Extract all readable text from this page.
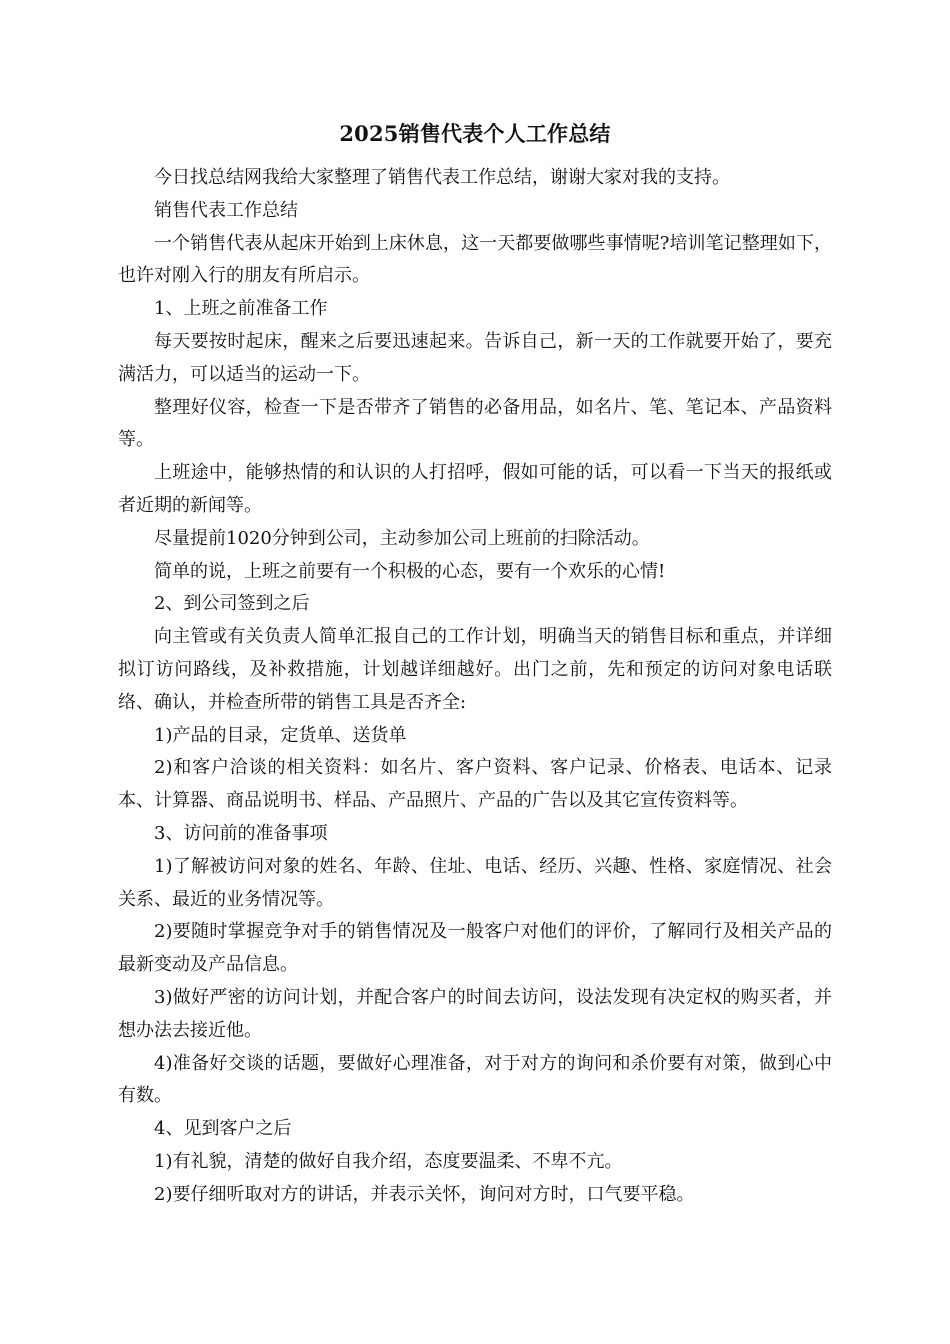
2025销售代表个人工作总结

今日找总结网我给大家整理了销售代表工作总结，谢谢大家对我的支持。

销售代表工作总结

一个销售代表从起床开始到上床休息，这一天都要做哪些事情呢?培训笔记整理如下，也许对刚入行的朋友有所启示。

1、上班之前准备工作

每天要按时起床，醒来之后要迅速起来。告诉自己，新一天的工作就要开始了，要充满活力，可以适当的运动一下。

整理好仪容，检查一下是否带齐了销售的必备用品，如名片、笔、笔记本、产品资料等。

上班途中，能够热情的和认识的人打招呼，假如可能的话，可以看一下当天的报纸或者近期的新闻等。

尽量提前1020分钟到公司，主动参加公司上班前的扫除活动。

简单的说，上班之前要有一个积极的心态，要有一个欢乐的心情!

2、到公司签到之后

向主管或有关负责人简单汇报自己的工作计划，明确当天的销售目标和重点，并详细拟订访问路线，及补救措施，计划越详细越好。出门之前，先和预定的访问对象电话联络、确认，并检查所带的销售工具是否齐全:

1)产品的目录，定货单、送货单

2)和客户洽谈的相关资料：如名片、客户资料、客户记录、价格表、电话本、记录本、计算器、商品说明书、样品、产品照片、产品的广告以及其它宣传资料等。

3、访问前的准备事项

1)了解被访问对象的姓名、年龄、住址、电话、经历、兴趣、性格、家庭情况、社会关系、最近的业务情况等。

2)要随时掌握竞争对手的销售情况及一般客户对他们的评价，了解同行及相关产品的最新变动及产品信息。

3)做好严密的访问计划，并配合客户的时间去访问，设法发现有决定权的购买者，并想办法去接近他。

4)准备好交谈的话题，要做好心理准备，对于对方的询问和杀价要有对策，做到心中有数。

4、见到客户之后

1)有礼貌，清楚的做好自我介绍，态度要温柔、不卑不亢。

2)要仔细听取对方的讲话，并表示关怀，询问对方时，口气要平稳。
